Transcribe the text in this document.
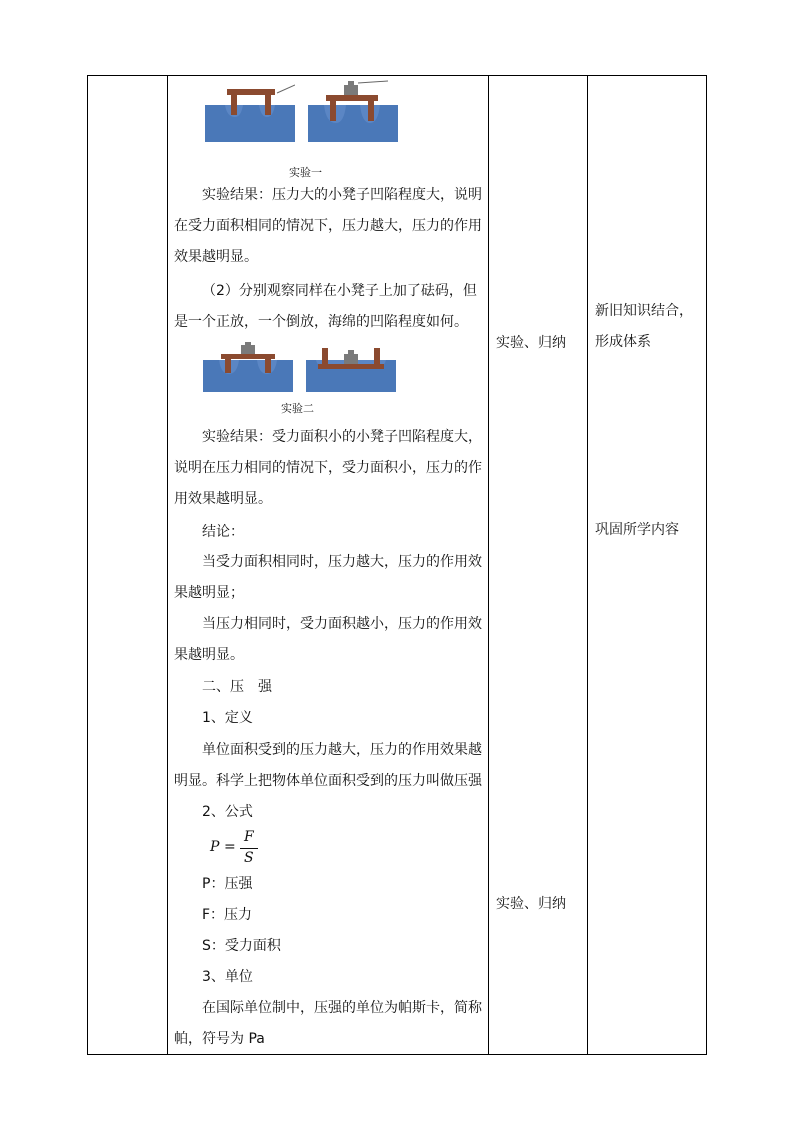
实验一
实验结果：压力大的小凳子凹陷程度大，说明
在受力面积相同的情况下，压力越大，压力的作用
效果越明显。
（2）分别观察同样在小凳子上加了砝码，但
是一个正放，一个倒放，海绵的凹陷程度如何。
实验二
实验结果：受力面积小的小凳子凹陷程度大，
说明在压力相同的情况下，受力面积小，压力的作
用效果越明显。
结论：
当受力面积相同时，压力越大，压力的作用效
果越明显；
当压力相同时，受力面积越小，压力的作用效
果越明显。
二、压　强
1、定义
单位面积受到的压力越大，压力的作用效果越
明显。科学上把物体单位面积受到的压力叫做压强
2、公式
P =
F
S
P：压强
F：压力
S：受力面积
3、单位
在国际单位制中，压强的单位为帕斯卡，简称
帕，符号为 Pa
实验、归纳
实验、归纳
新旧知识结合，
形成体系
巩固所学内容
